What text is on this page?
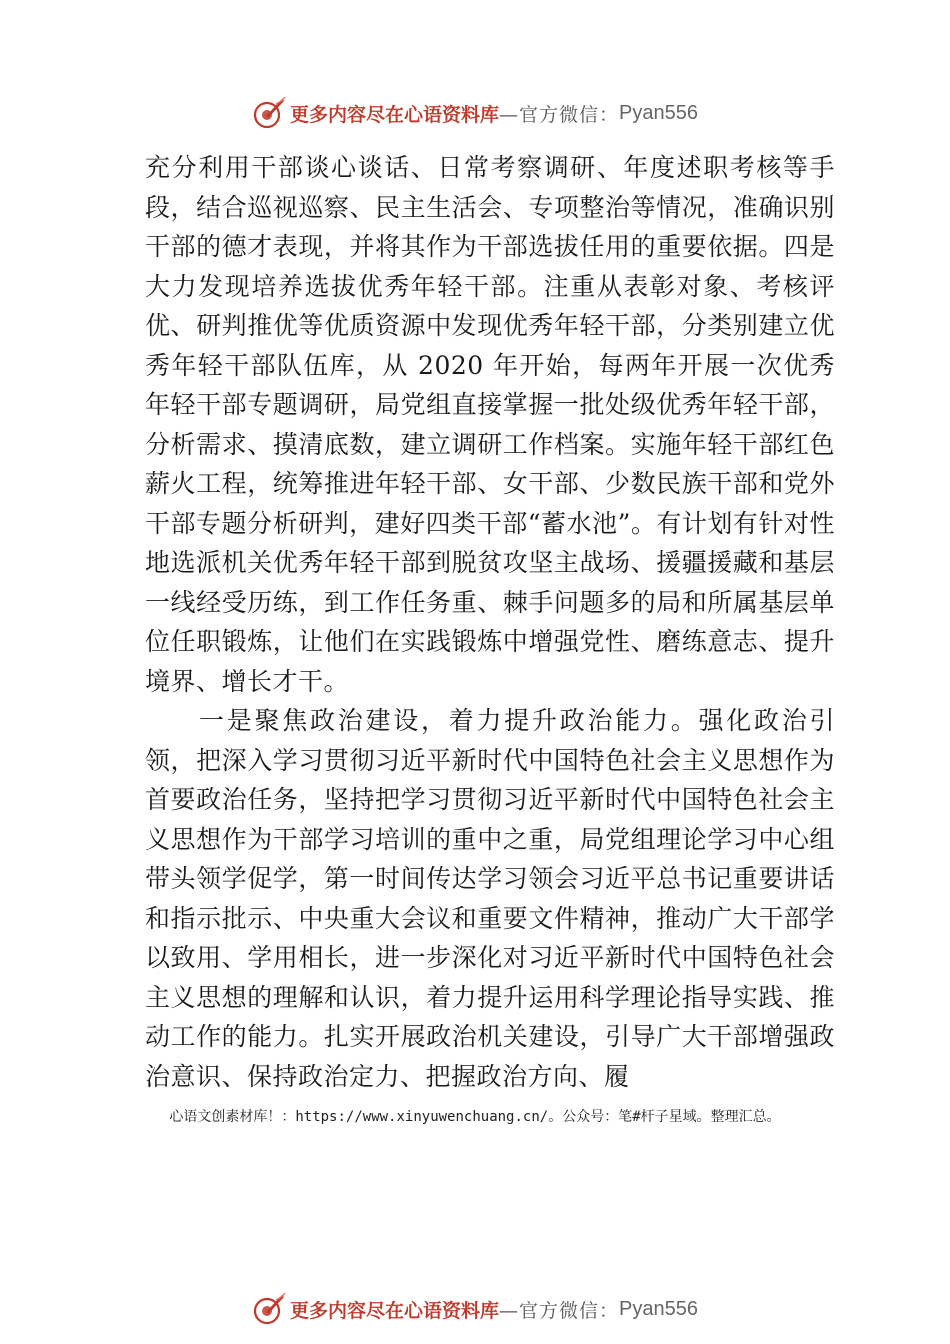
更多内容尽在心语资料库 —官方微信： Pyan556

充分利用干部谈心谈话、日常考察调研、年度述职考核等手段，结合巡视巡察、民主生活会、专项整治等情况，准确识别干部的德才表现，并将其作为干部选拔任用的重要依据。四是大力发现培养选拔优秀年轻干部。注重从表彰对象、考核评优、研判推优等优质资源中发现优秀年轻干部，分类别建立优秀年轻干部队伍库，从 2020 年开始，每两年开展一次优秀年轻干部专题调研，局党组直接掌握一批处级优秀年轻干部，分析需求、摸清底数，建立调研工作档案。实施年轻干部红色薪火工程，统筹推进年轻干部、女干部、少数民族干部和党外干部专题分析研判，建好四类干部“蓄水池”。有计划有针对性地选派机关优秀年轻干部到脱贫攻坚主战场、援疆援藏和基层一线经受历练，到工作任务重、棘手问题多的局和所属基层单位任职锻炼，让他们在实践锻炼中增强党性、磨练意志、提升境界、增长才干。

一是聚焦政治建设，着力提升政治能力。强化政治引领，把深入学习贯彻习近平新时代中国特色社会主义思想作为首要政治任务，坚持把学习贯彻习近平新时代中国特色社会主义思想作为干部学习培训的重中之重，局党组理论学习中心组带头领学促学，第一时间传达学习领会习近平总书记重要讲话和指示批示、中央重大会议和重要文件精神，推动广大干部学以致用、学用相长，进一步深化对习近平新时代中国特色社会主义思想的理解和认识，着力提升运用科学理论指导实践、推动工作的能力。扎实开展政治机关建设，引导广大干部增强政治意识、保持政治定力、把握政治方向、履

心语文创素材库！：https://www.xinyuwenchuang.cn/。公众号：笔#杆子星域。整理汇总。
更多内容尽在心语资料库 —官方微信： Pyan556
